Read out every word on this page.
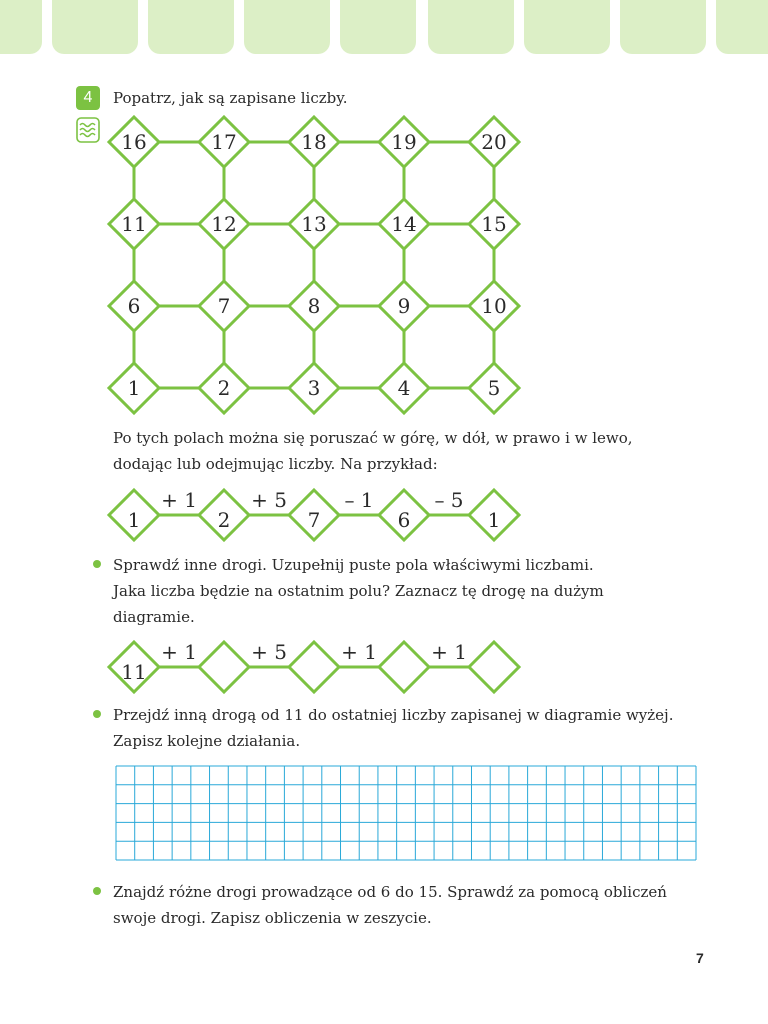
4	Popatrz, jak są zapisane liczby.
16	17	18	19	20
11	12	13	14	15
6	7	8	9	10
1	2	3	4	5
Po tych polach można się poruszać w górę, w dół, w prawo i w lewo,
dodając lub odejmując liczby. Na przykład:
+ 1	+ 5	– 1	– 5
1	2	7	6	1
Sprawdź inne drogi. Uzupełnij puste pola właściwymi liczbami.
Jaka liczba będzie na ostatnim polu? Zaznacz tę drogę na dużym
diagramie.
+ 1	+ 5	+ 1	+ 1
11
Przejdź inną drogą od 11 do ostatniej liczby zapisanej w diagramie wyżej.
Zapisz kolejne działania.
Znajdź różne drogi prowadzące od 6 do 15. Sprawdź za pomocą obliczeń
swoje drogi. Zapisz obliczenia w zeszycie.
7
